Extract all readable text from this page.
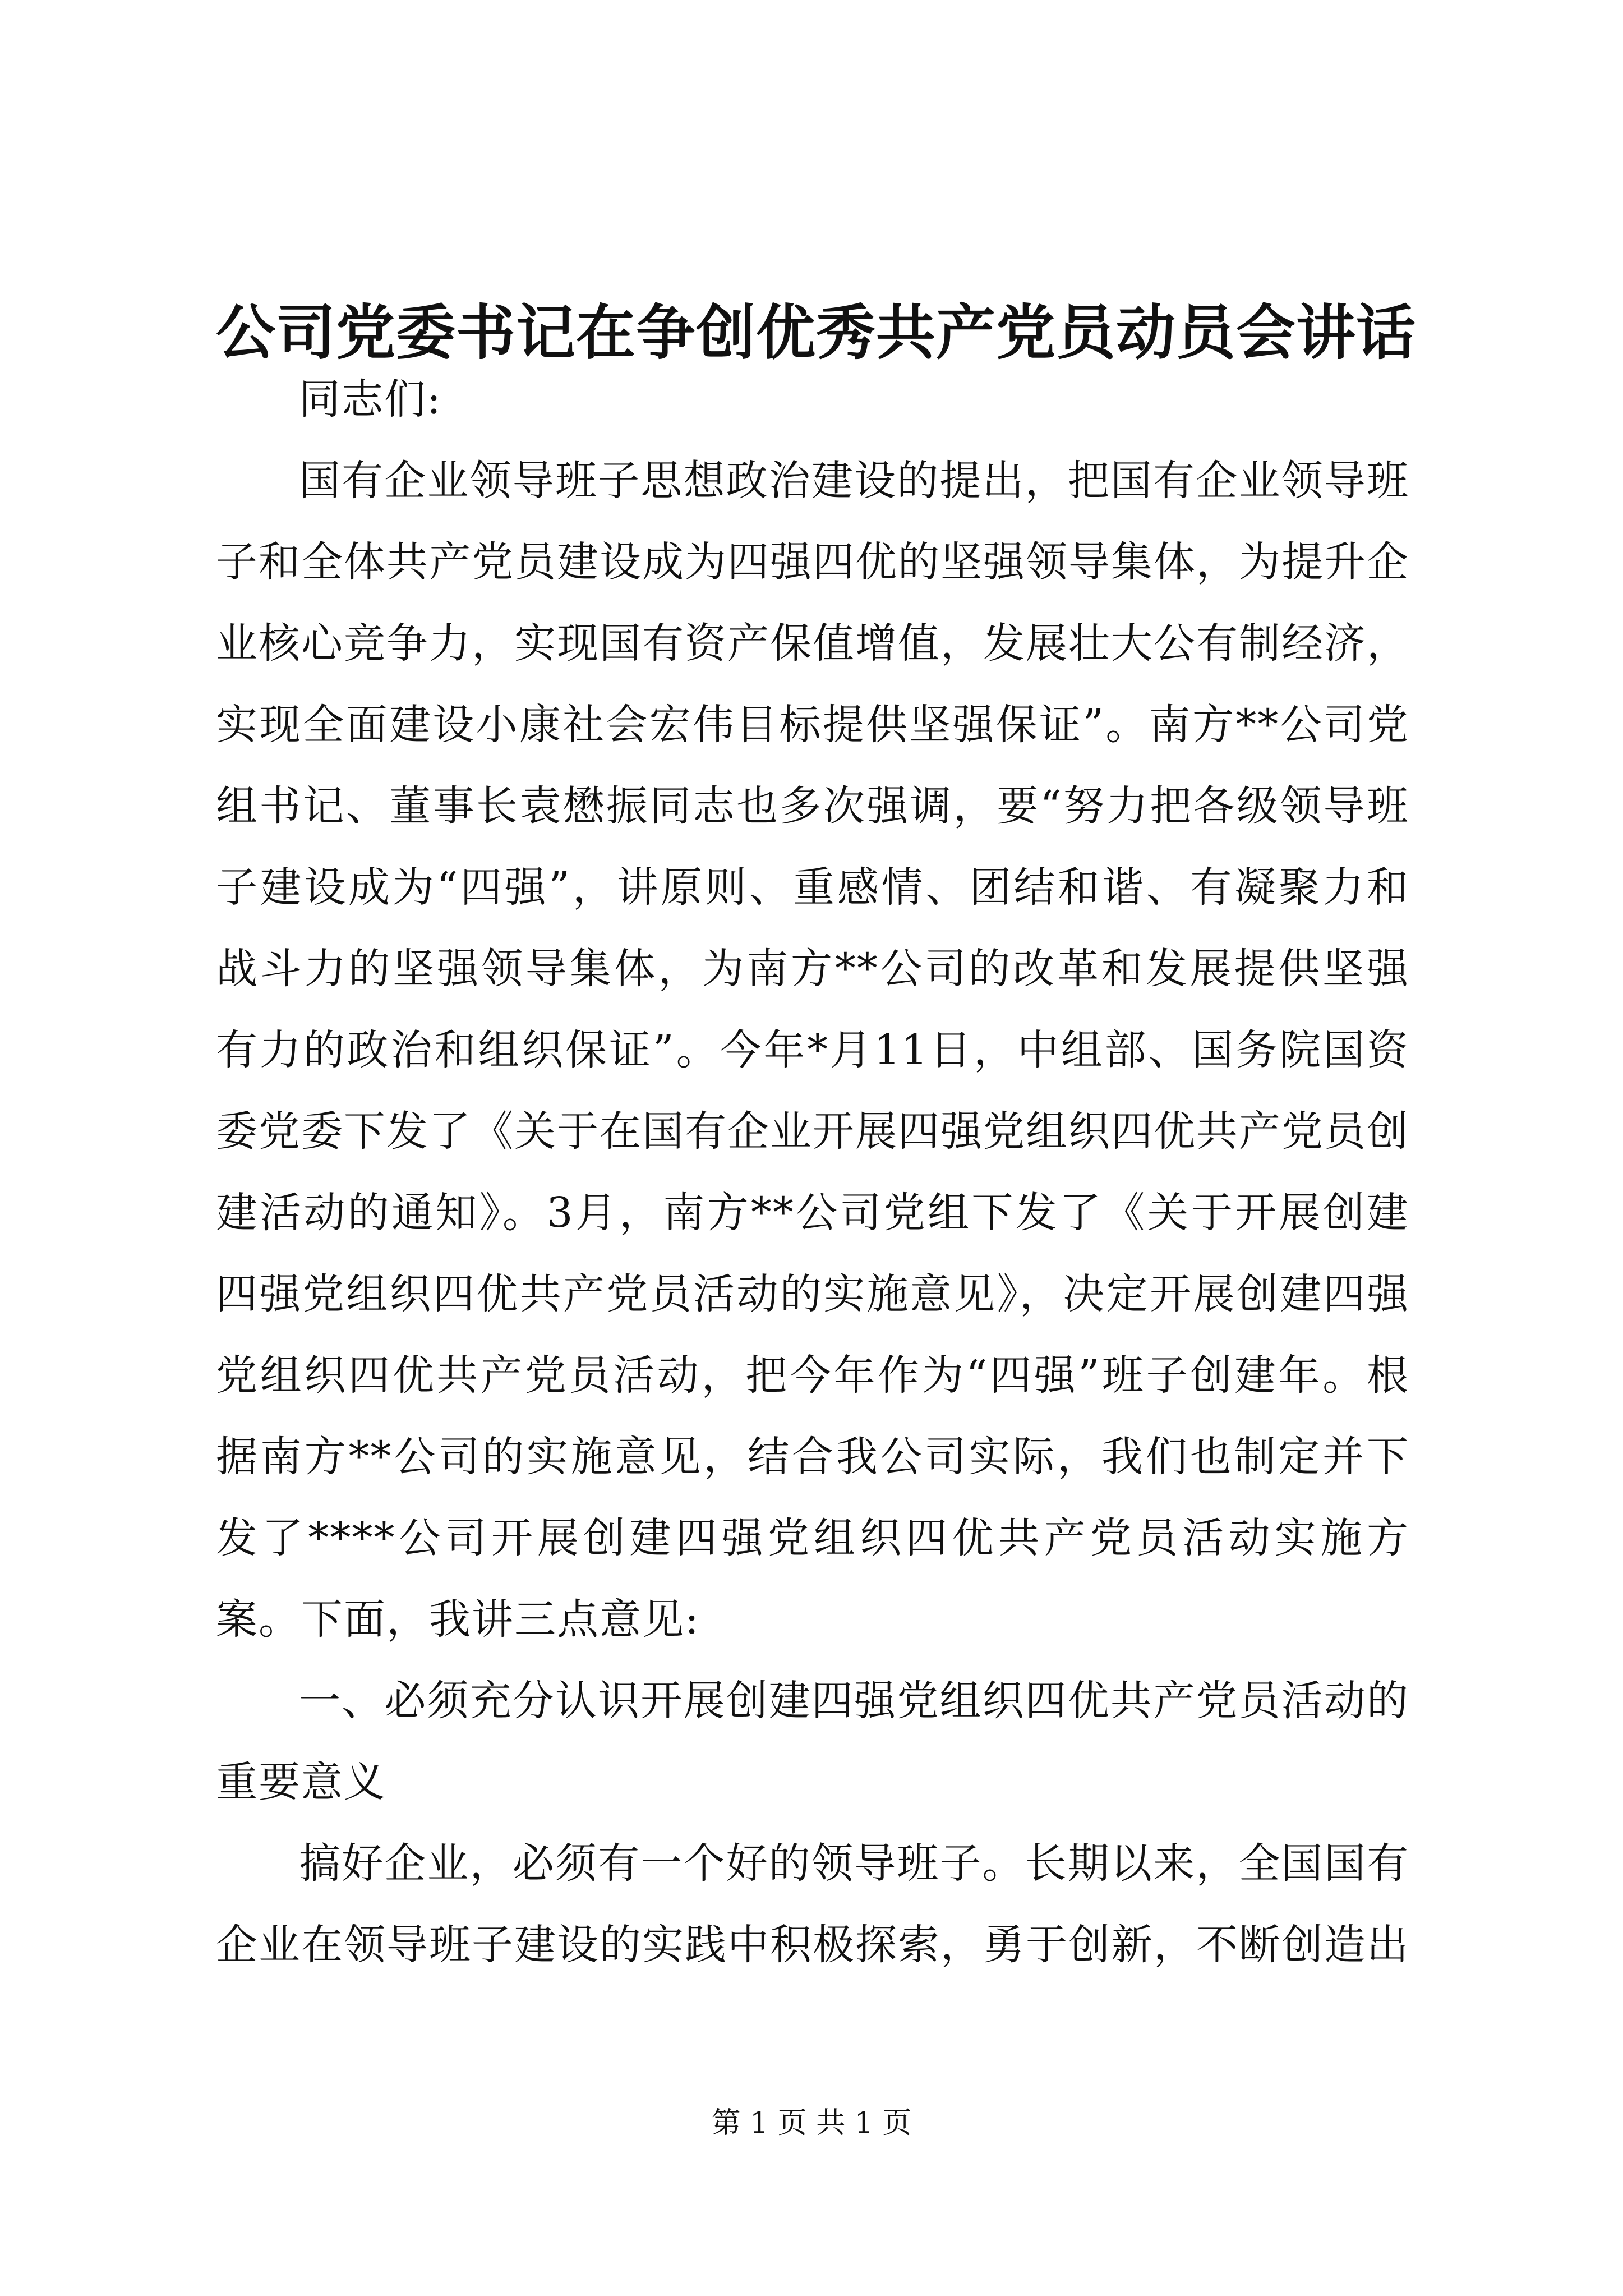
公司党委书记在争创优秀共产党员动员会讲话

同志们:

国有企业领导班子思想政治建设的提出，把国有企业领导班子和全体共产党员建设成为四强四优的坚强领导集体，为提升企业核心竞争力，实现国有资产保值增值，发展壮大公有制经济，实现全面建设小康社会宏伟目标提供坚强保证”。南方**公司党组书记、董事长袁懋振同志也多次强调，要“努力把各级领导班子建设成为“四强”，讲原则、重感情、团结和谐、有凝聚力和战斗力的坚强领导集体，为南方**公司的改革和发展提供坚强有力的政治和组织保证”。今年*月11日，中组部、国务院国资委党委下发了《关于在国有企业开展四强党组织四优共产党员创建活动的通知》。3月，南方**公司党组下发了《关于开展创建四强党组织四优共产党员活动的实施意见》，决定开展创建四强党组织四优共产党员活动，把今年作为“四强”班子创建年。根据南方**公司的实施意见，结合我公司实际，我们也制定并下发了****公司开展创建四强党组织四优共产党员活动实施方案。下面，我讲三点意见:

一、必须充分认识开展创建四强党组织四优共产党员活动的重要意义

搞好企业，必须有一个好的领导班子。长期以来，全国国有企业在领导班子建设的实践中积极探索，勇于创新，不断创造出

第 1 页 共 1 页
